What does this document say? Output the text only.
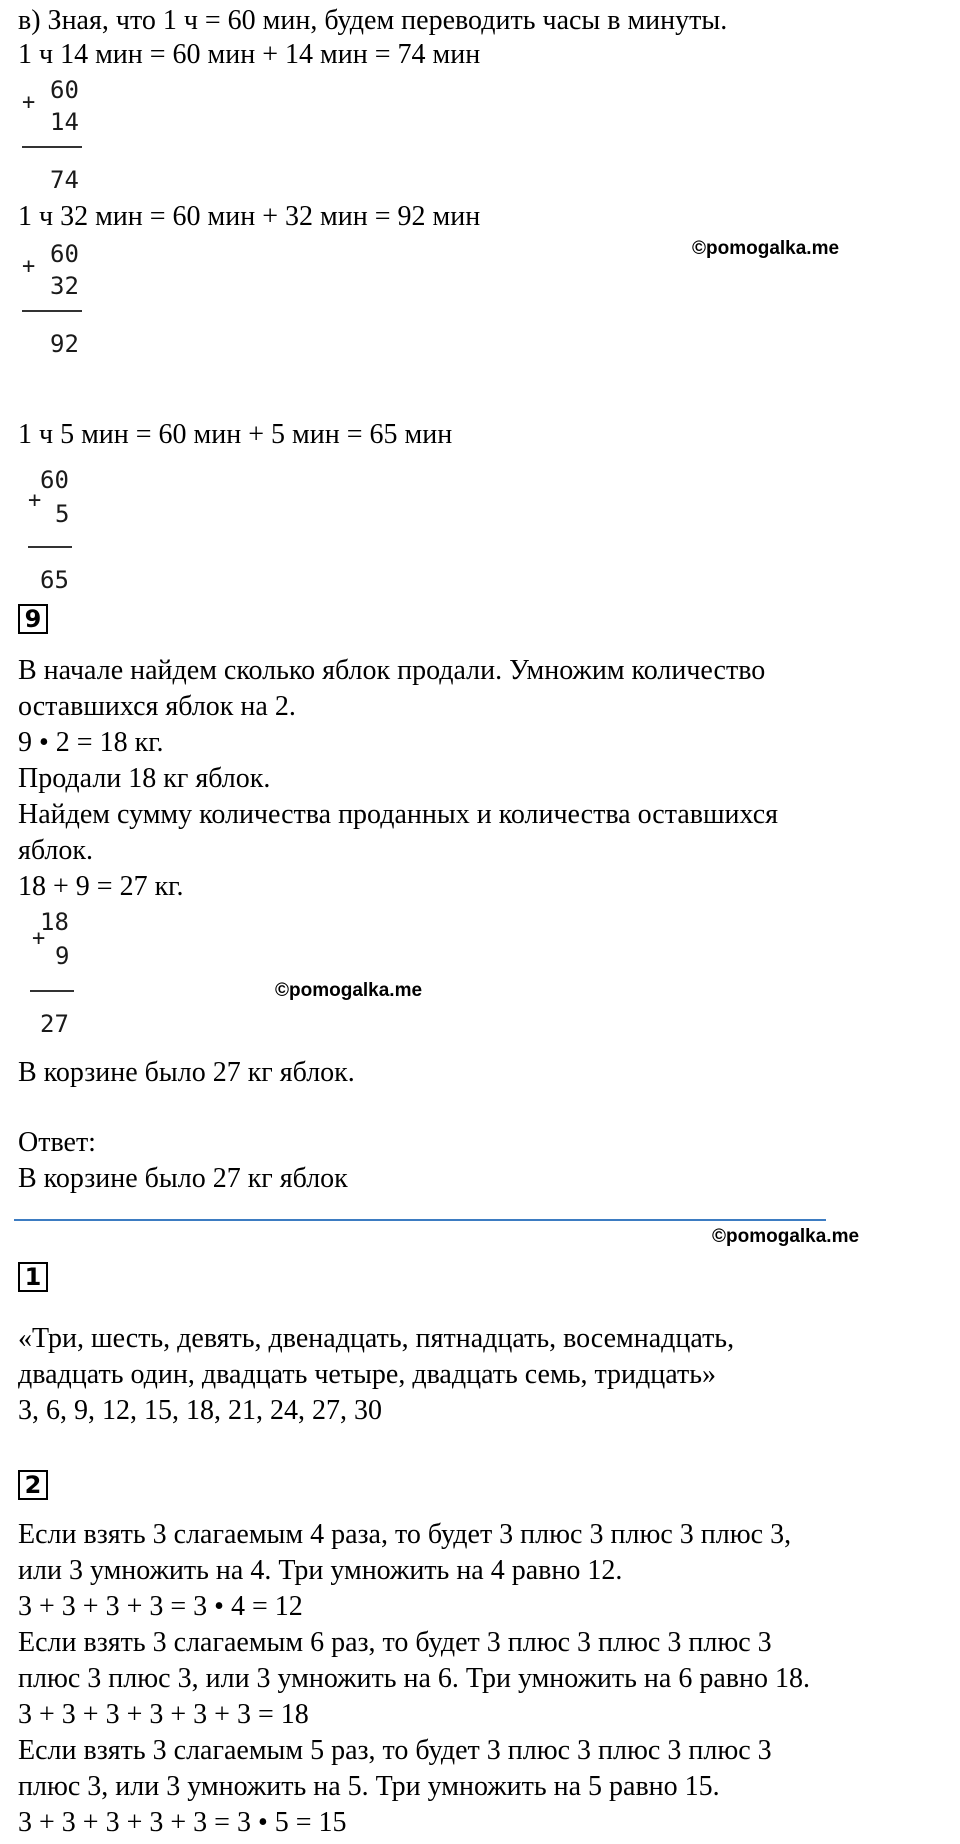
в) Зная, что 1 ч = 60 мин, будем переводить часы в минуты.
1 ч 14 мин = 60 мин + 14 мин = 74 мин
+ 60
14
74
1 ч 32 мин = 60 мин + 32 мин = 92 мин
©pomogalka.me
+ 60
32
92
1 ч 5 мин = 60 мин + 5 мин = 65 мин
+
60
5
65
9
В начале найдем сколько яблок продали. Умножим количество
оставшихся яблок на 2.
9 • 2 = 18 кг.
Продали 18 кг яблок.
Найдем сумму количества проданных и количества оставшихся
яблок.
18 + 9 = 27 кг.
+
18
9
27
©pomogalka.me
В корзине было 27 кг яблок.
Ответ:
В корзине было 27 кг яблок
©pomogalka.me
1
«Три, шесть, девять, двенадцать, пятнадцать, восемнадцать,
двадцать один, двадцать четыре, двадцать семь, тридцать»
3, 6, 9, 12, 15, 18, 21, 24, 27, 30
2
Если взять 3 слагаемым 4 раза, то будет 3 плюс 3 плюс 3 плюс 3,
или 3 умножить на 4. Три умножить на 4 равно 12.
3 + 3 + 3 + 3 = 3 • 4 = 12
Если взять 3 слагаемым 6 раз, то будет 3 плюс 3 плюс 3 плюс 3
плюс 3 плюс 3, или 3 умножить на 6. Три умножить на 6 равно 18.
3 + 3 + 3 + 3 + 3 + 3 = 18
Если взять 3 слагаемым 5 раз, то будет 3 плюс 3 плюс 3 плюс 3
плюс 3, или 3 умножить на 5. Три умножить на 5 равно 15.
3 + 3 + 3 + 3 + 3 = 3 • 5 = 15
